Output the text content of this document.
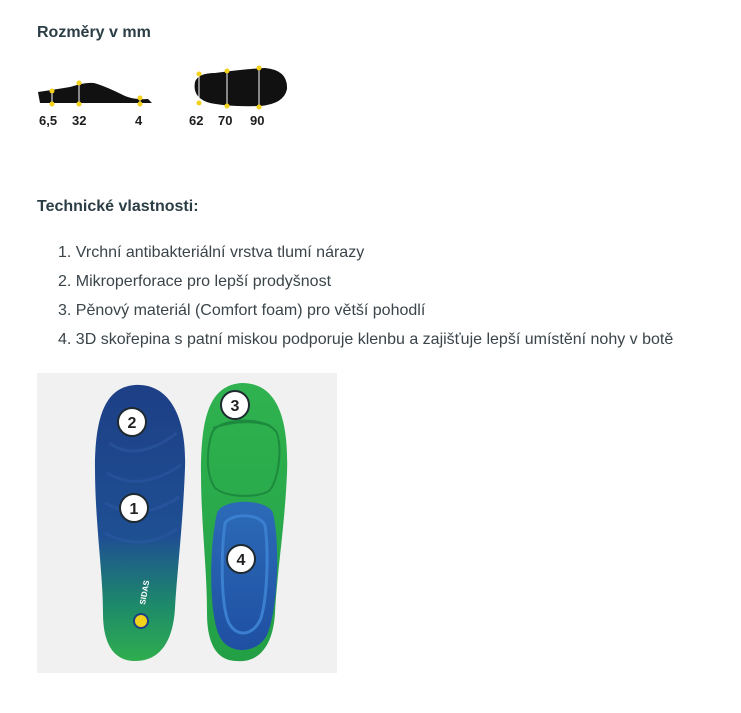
Rozměry v mm
6,5 32	4	62 70 90
Technické vlastnosti:
1. Vrchní antibakteriální vrstva tlumí nárazy
2. Mikroperforace pro lepší prodyšnost
3. Pěnový materiál (Comfort foam) pro větší pohodlí
4. 3D skořepina s patní miskou podporuje klenbu a zajišťuje lepší umístění nohy v botě
SIDAS
2
1
3
4
